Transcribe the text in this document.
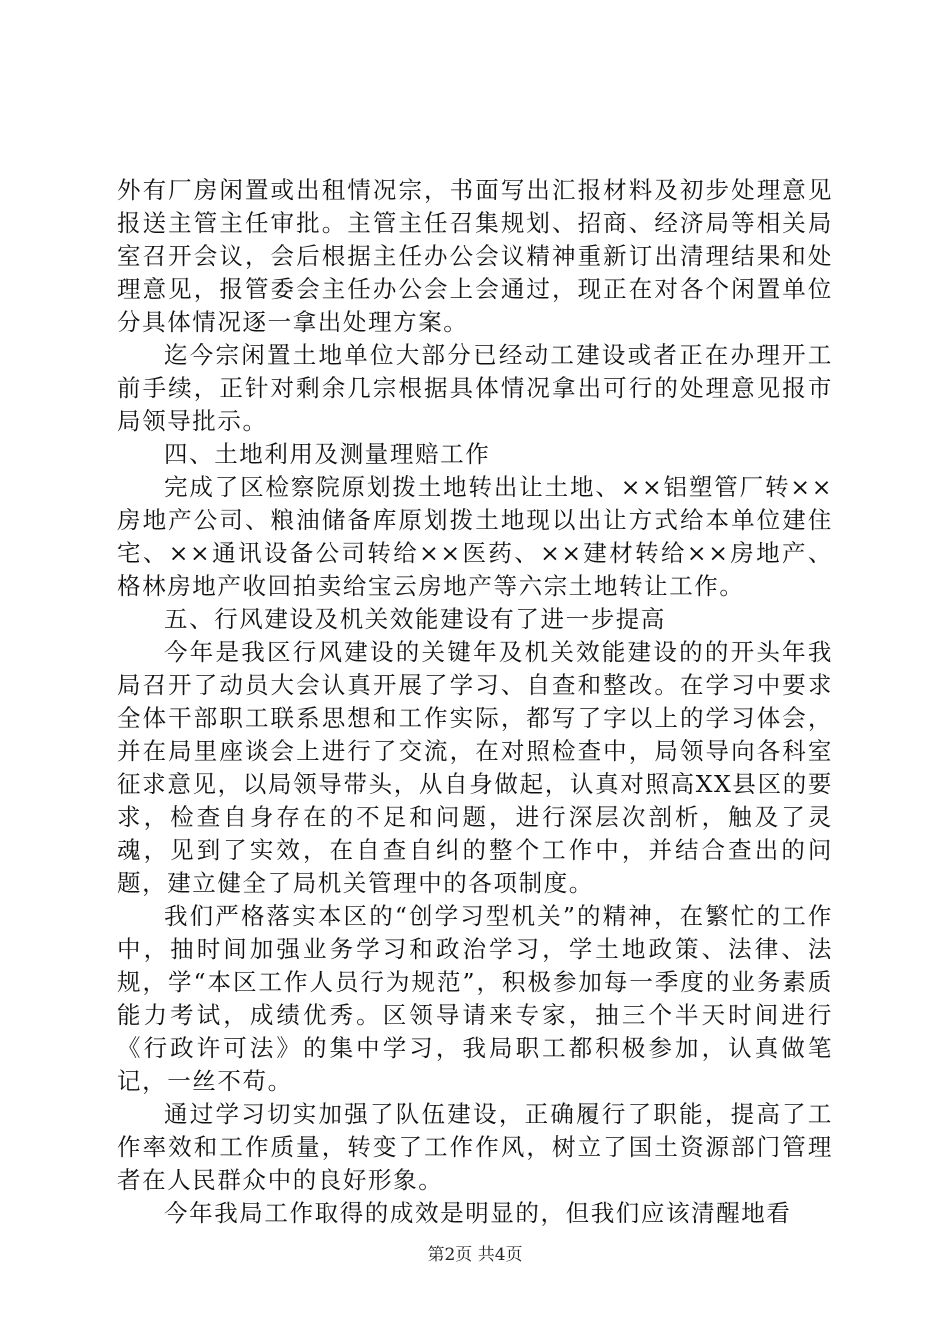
外有厂房闲置或出租情况宗，书面写出汇报材料及初步处理意见报送主管主任审批。主管主任召集规划、招商、经济局等相关局室召开会议，会后根据主任办公会议精神重新订出清理结果和处理意见，报管委会主任办公会上会通过，现正在对各个闲置单位分具体情况逐一拿出处理方案。

迄今宗闲置土地单位大部分已经动工建设或者正在办理开工前手续，正针对剩余几宗根据具体情况拿出可行的处理意见报市局领导批示。

四、土地利用及测量理赔工作

完成了区检察院原划拨土地转出让土地、××铝塑管厂转××房地产公司、粮油储备库原划拨土地现以出让方式给本单位建住宅、××通讯设备公司转给××医药、××建材转给××房地产、格林房地产收回拍卖给宝云房地产等六宗土地转让工作。

五、行风建设及机关效能建设有了进一步提高

今年是我区行风建设的关键年及机关效能建设的的开头年我局召开了动员大会认真开展了学习、自查和整改。在学习中要求全体干部职工联系思想和工作实际，都写了字以上的学习体会，并在局里座谈会上进行了交流，在对照检查中，局领导向各科室征求意见，以局领导带头，从自身做起，认真对照高XX县区的要求，检查自身存在的不足和问题，进行深层次剖析，触及了灵魂，见到了实效，在自查自纠的整个工作中，并结合查出的问题，建立健全了局机关管理中的各项制度。

我们严格落实本区的“创学习型机关”的精神，在繁忙的工作中，抽时间加强业务学习和政治学习，学土地政策、法律、法规，学“本区工作人员行为规范”，积极参加每一季度的业务素质能力考试，成绩优秀。区领导请来专家，抽三个半天时间进行《行政许可法》的集中学习，我局职工都积极参加，认真做笔记，一丝不苟。

通过学习切实加强了队伍建设，正确履行了职能，提高了工作率效和工作质量，转变了工作作风，树立了国土资源部门管理者在人民群众中的良好形象。

今年我局工作取得的成效是明显的，但我们应该清醒地看

第2页 共4页
